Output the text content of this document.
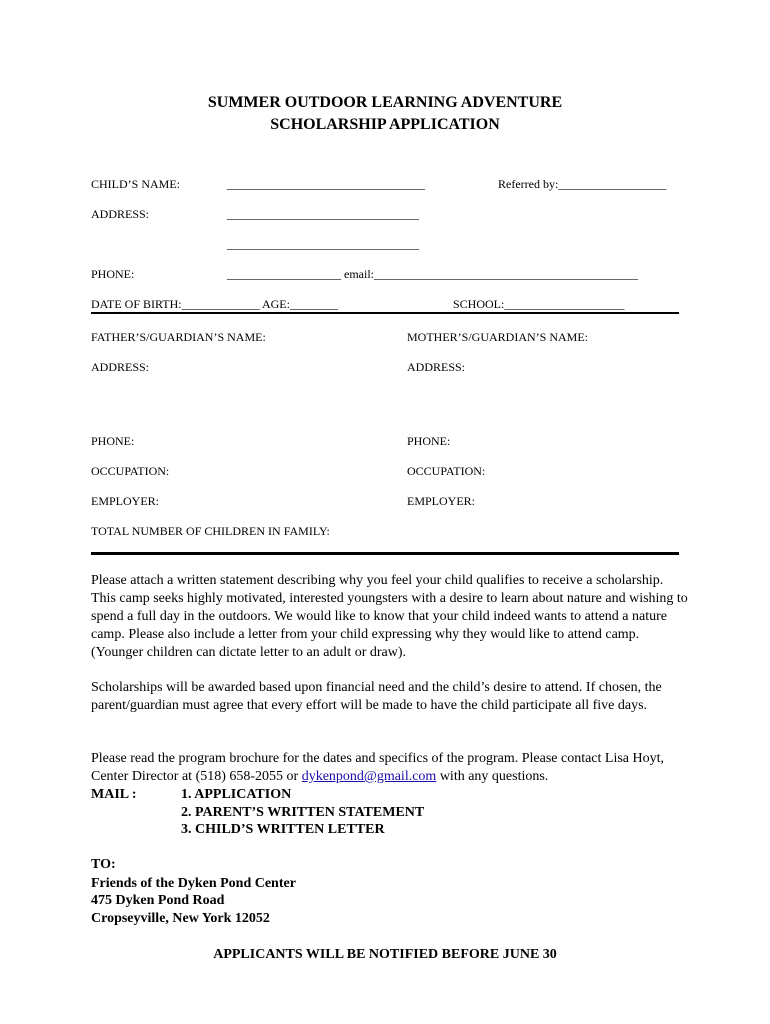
SUMMER OUTDOOR LEARNING ADVENTURE
SCHOLARSHIP APPLICATION
CHILD’S NAME:	_________________________________	Referred by:__________________
ADDRESS:	________________________________
________________________________
PHONE:	___________________ email:____________________________________________
DATE OF BIRTH:_____________ AGE:________	SCHOOL:____________________
FATHER’S/GUARDIAN’S NAME:	MOTHER’S/GUARDIAN’S NAME:
ADDRESS:	ADDRESS:
PHONE:	PHONE:
OCCUPATION:	OCCUPATION:
EMPLOYER:	EMPLOYER:
TOTAL NUMBER OF CHILDREN IN FAMILY:
Please attach a written statement describing why you feel your child qualifies to receive a scholarship. This camp seeks highly motivated, interested youngsters with a desire to learn about nature and wishing to spend a full day in the outdoors. We would like to know that your child indeed wants to attend a nature camp. Please also include a letter from your child expressing why they would like to attend camp. (Younger children can dictate letter to an adult or draw).
Scholarships will be awarded based upon financial need and the child’s desire to attend. If chosen, the parent/guardian must agree that every effort will be made to have the child participate all five days.
Please read the program brochure for the dates and specifics of the program. Please contact Lisa Hoyt, Center Director at (518) 658-2055 or dykenpond@gmail.com with any questions.
MAIL :	1. APPLICATION
2. PARENT’S WRITTEN STATEMENT
3. CHILD’S WRITTEN LETTER
TO:
Friends of the Dyken Pond Center
475 Dyken Pond Road
Cropseyville, New York 12052
APPLICANTS WILL BE NOTIFIED BEFORE JUNE 30
